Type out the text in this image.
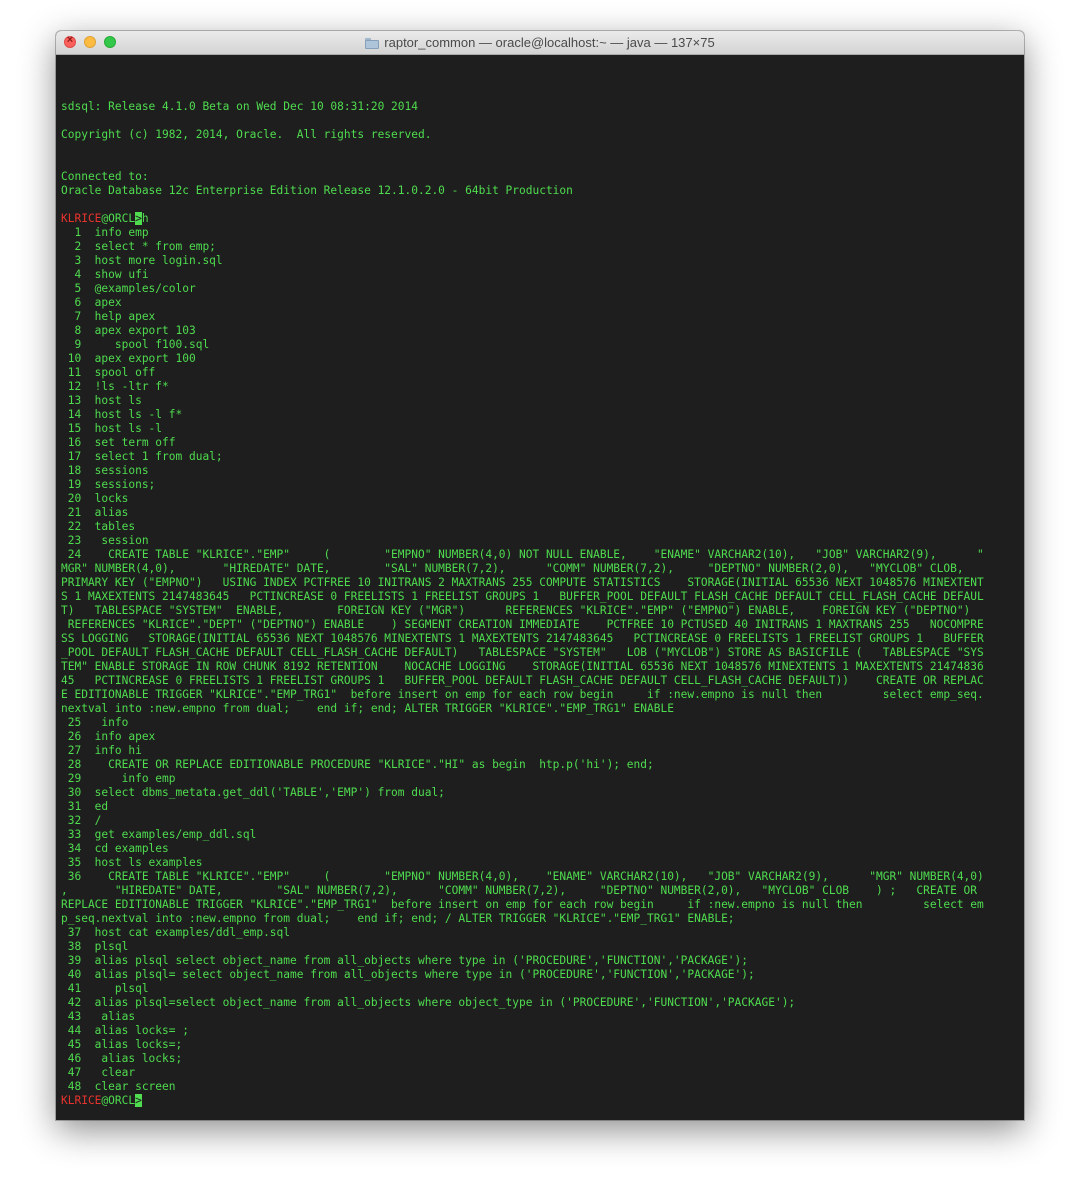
×
raptor_common — oracle@localhost:~ — java — 137×75
sdsql: Release 4.1.0 Beta on Wed Dec 10 08:31:20 2014
Copyright (c) 1982, 2014, Oracle.  All rights reserved.
Connected to:
Oracle Database 12c Enterprise Edition Release 12.1.0.2.0 - 64bit Production
KLRICE@ORCL>h
1  info emp
2  select * from emp;
3  host more login.sql
4  show ufi
5  @examples/color
6  apex
7  help apex
8  apex export 103
9     spool f100.sql
10  apex export 100
11  spool off
12  !ls -ltr f*
13  host ls
14  host ls -l f*
15  host ls -l
16  set term off
17  select 1 from dual;
18  sessions
19  sessions;
20  locks
21  alias
22  tables
23   session
24    CREATE TABLE "KLRICE"."EMP"     (        "EMPNO" NUMBER(4,0) NOT NULL ENABLE,    "ENAME" VARCHAR2(10),   "JOB" VARCHAR2(9),      "
MGR" NUMBER(4,0),       "HIREDATE" DATE,        "SAL" NUMBER(7,2),      "COMM" NUMBER(7,2),     "DEPTNO" NUMBER(2,0),   "MYCLOB" CLOB,
PRIMARY KEY ("EMPNO")   USING INDEX PCTFREE 10 INITRANS 2 MAXTRANS 255 COMPUTE STATISTICS    STORAGE(INITIAL 65536 NEXT 1048576 MINEXTENT
S 1 MAXEXTENTS 2147483645   PCTINCREASE 0 FREELISTS 1 FREELIST GROUPS 1   BUFFER_POOL DEFAULT FLASH_CACHE DEFAULT CELL_FLASH_CACHE DEFAUL
T)   TABLESPACE "SYSTEM"  ENABLE,        FOREIGN KEY ("MGR")      REFERENCES "KLRICE"."EMP" ("EMPNO") ENABLE,    FOREIGN KEY ("DEPTNO")
REFERENCES "KLRICE"."DEPT" ("DEPTNO") ENABLE    ) SEGMENT CREATION IMMEDIATE    PCTFREE 10 PCTUSED 40 INITRANS 1 MAXTRANS 255   NOCOMPRE
SS LOGGING   STORAGE(INITIAL 65536 NEXT 1048576 MINEXTENTS 1 MAXEXTENTS 2147483645   PCTINCREASE 0 FREELISTS 1 FREELIST GROUPS 1   BUFFER
_POOL DEFAULT FLASH_CACHE DEFAULT CELL_FLASH_CACHE DEFAULT)   TABLESPACE "SYSTEM"   LOB ("MYCLOB") STORE AS BASICFILE (   TABLESPACE "SYS
TEM" ENABLE STORAGE IN ROW CHUNK 8192 RETENTION    NOCACHE LOGGING    STORAGE(INITIAL 65536 NEXT 1048576 MINEXTENTS 1 MAXEXTENTS 21474836
45   PCTINCREASE 0 FREELISTS 1 FREELIST GROUPS 1   BUFFER_POOL DEFAULT FLASH_CACHE DEFAULT CELL_FLASH_CACHE DEFAULT))    CREATE OR REPLAC
E EDITIONABLE TRIGGER "KLRICE"."EMP_TRG1"  before insert on emp for each row begin     if :new.empno is null then         select emp_seq.
nextval into :new.empno from dual;    end if; end; ALTER TRIGGER "KLRICE"."EMP_TRG1" ENABLE
25   info
26  info apex
27  info hi
28    CREATE OR REPLACE EDITIONABLE PROCEDURE "KLRICE"."HI" as begin  htp.p('hi'); end;
29      info emp
30  select dbms_metata.get_ddl('TABLE','EMP') from dual;
31  ed
32  /
33  get examples/emp_ddl.sql
34  cd examples
35  host ls examples
36    CREATE TABLE "KLRICE"."EMP"     (        "EMPNO" NUMBER(4,0),    "ENAME" VARCHAR2(10),   "JOB" VARCHAR2(9),      "MGR" NUMBER(4,0)
,       "HIREDATE" DATE,        "SAL" NUMBER(7,2),      "COMM" NUMBER(7,2),     "DEPTNO" NUMBER(2,0),   "MYCLOB" CLOB    ) ;   CREATE OR
REPLACE EDITIONABLE TRIGGER "KLRICE"."EMP_TRG1"  before insert on emp for each row begin     if :new.empno is null then         select em
p_seq.nextval into :new.empno from dual;    end if; end; / ALTER TRIGGER "KLRICE"."EMP_TRG1" ENABLE;
37  host cat examples/ddl_emp.sql
38  plsql
39  alias plsql select object_name from all_objects where type in ('PROCEDURE','FUNCTION','PACKAGE');
40  alias plsql= select object_name from all_objects where type in ('PROCEDURE','FUNCTION','PACKAGE');
41     plsql
42  alias plsql=select object_name from all_objects where object_type in ('PROCEDURE','FUNCTION','PACKAGE');
43   alias
44  alias locks= ;
45  alias locks=;
46   alias locks;
47   clear
48  clear screen
KLRICE@ORCL>
